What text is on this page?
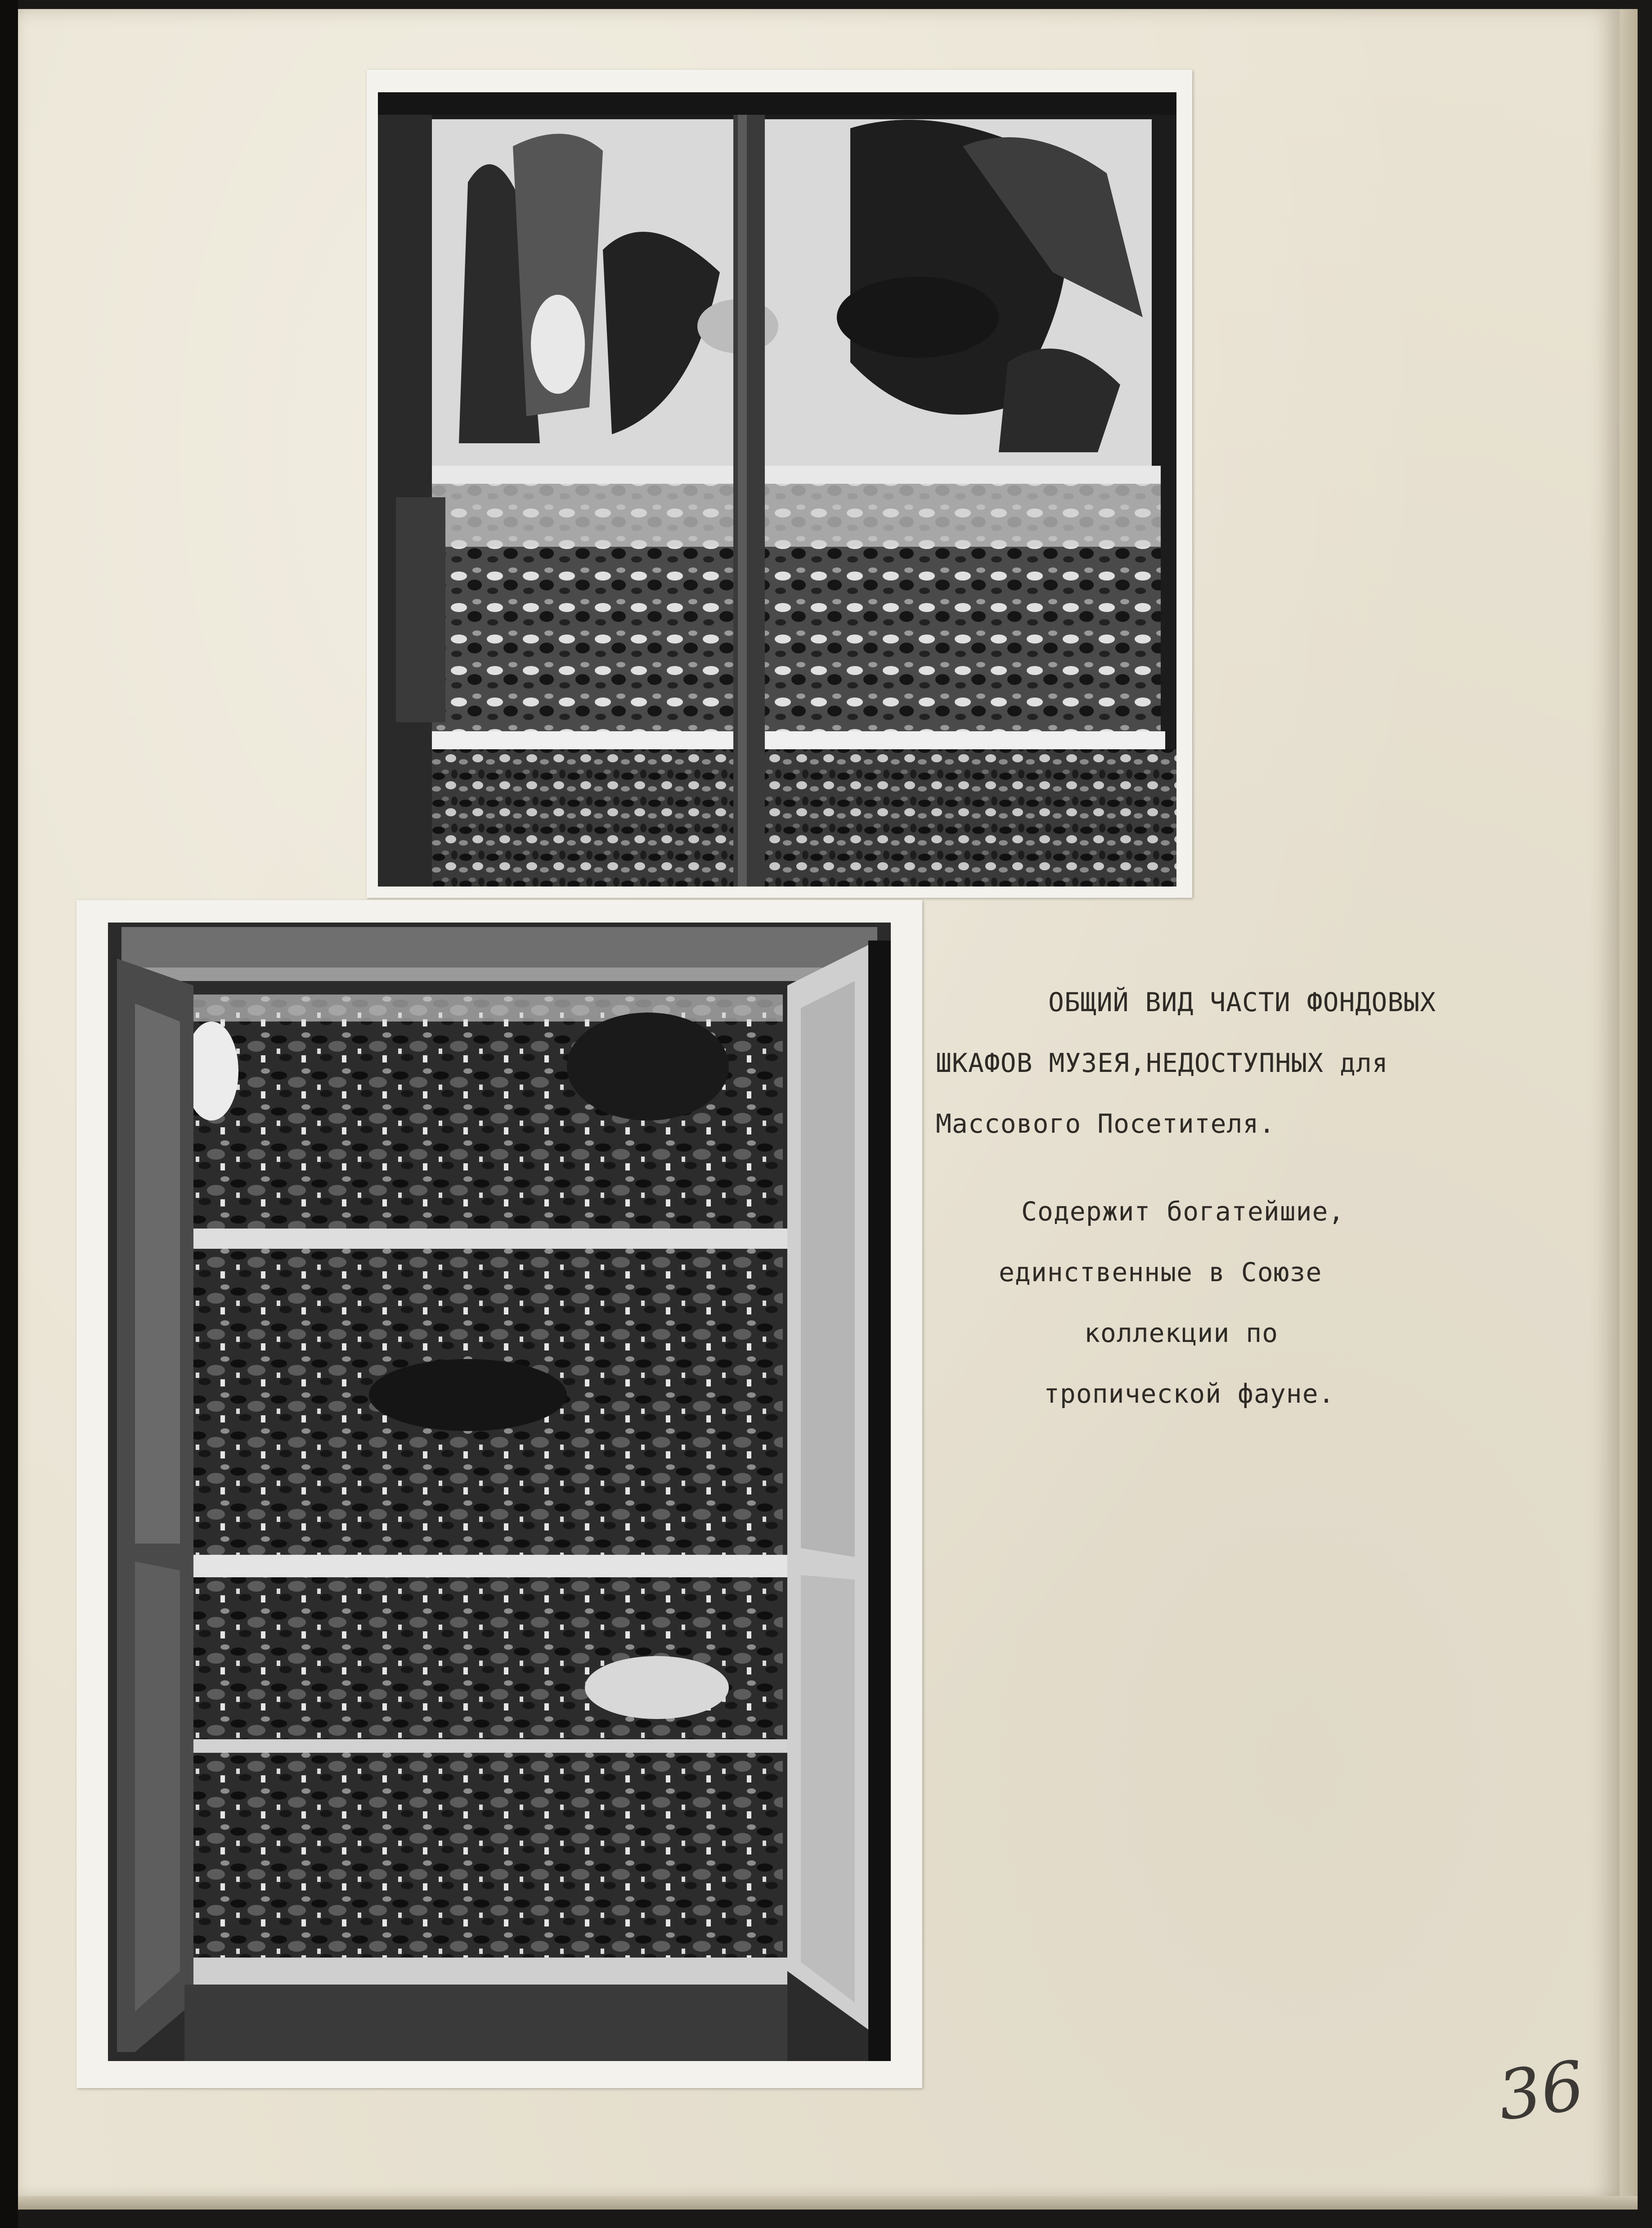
ОБЩИЙ ВИД ЧАСТИ ФОНДОВЫХ
ШКАФОВ МУЗЕЯ,НЕДОСТУПНЫХ для
Массового Посетителя.
Содержит богатейшие,
единственные в Союзе
коллекции по
тропической фауне.
36
